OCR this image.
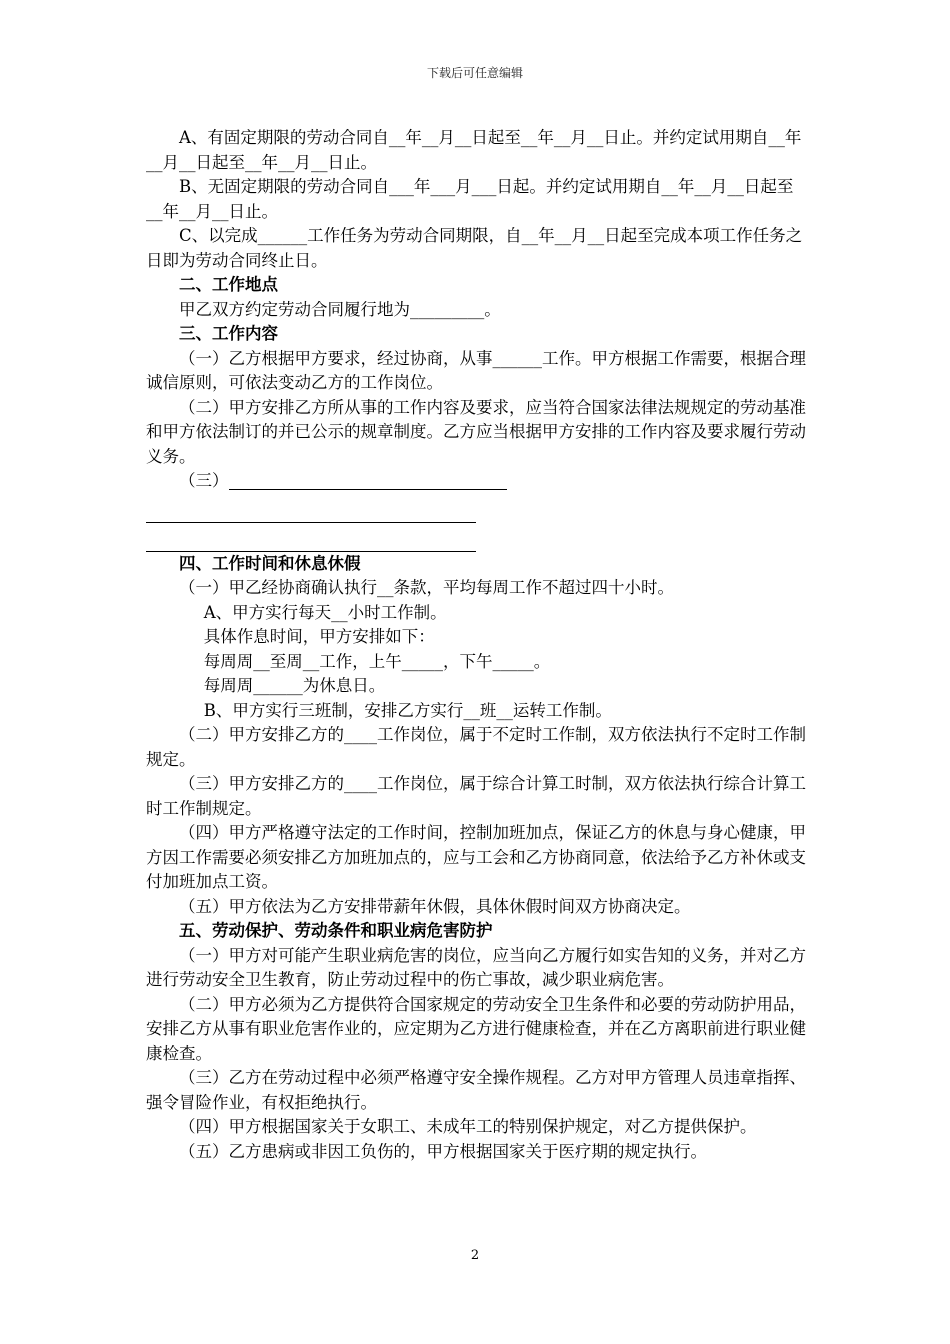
下载后可任意编辑

A、有固定期限的劳动合同自__年__月__日起至__年__月__日止。并约定试用期自__年__月__日起至__年__月__日止。

B、无固定期限的劳动合同自___年___月___日起。并约定试用期自__年__月__日起至__年__月__日止。

C、以完成______工作任务为劳动合同期限，自__年__月__日起至完成本项工作任务之日即为劳动合同终止日。

二、工作地点

甲乙双方约定劳动合同履行地为_________。

三、工作内容

（一）乙方根据甲方要求，经过协商，从事______工作。甲方根据工作需要，根据合理诚信原则，可依法变动乙方的工作岗位。

（二）甲方安排乙方所从事的工作内容及要求，应当符合国家法律法规规定的劳动基准和甲方依法制订的并已公示的规章制度。乙方应当根据甲方安排的工作内容及要求履行劳动义务。

（三）

四、工作时间和休息休假

（一）甲乙经协商确认执行__条款，平均每周工作不超过四十小时。

A、甲方实行每天__小时工作制。

具体作息时间，甲方安排如下：

每周周__至周__工作，上午_____，下午_____。

每周周______为休息日。

B、甲方实行三班制，安排乙方实行__班__运转工作制。

（二）甲方安排乙方的____工作岗位，属于不定时工作制，双方依法执行不定时工作制规定。

（三）甲方安排乙方的____工作岗位，属于综合计算工时制，双方依法执行综合计算工时工作制规定。

（四）甲方严格遵守法定的工作时间，控制加班加点，保证乙方的休息与身心健康，甲方因工作需要必须安排乙方加班加点的，应与工会和乙方协商同意，依法给予乙方补休或支付加班加点工资。

（五）甲方依法为乙方安排带薪年休假，具体休假时间双方协商决定。

五、劳动保护、劳动条件和职业病危害防护

（一）甲方对可能产生职业病危害的岗位，应当向乙方履行如实告知的义务，并对乙方进行劳动安全卫生教育，防止劳动过程中的伤亡事故，减少职业病危害。

（二）甲方必须为乙方提供符合国家规定的劳动安全卫生条件和必要的劳动防护用品，安排乙方从事有职业危害作业的，应定期为乙方进行健康检查，并在乙方离职前进行职业健康检查。

（三）乙方在劳动过程中必须严格遵守安全操作规程。乙方对甲方管理人员违章指挥、强令冒险作业，有权拒绝执行。

（四）甲方根据国家关于女职工、未成年工的特别保护规定，对乙方提供保护。

（五）乙方患病或非因工负伤的，甲方根据国家关于医疗期的规定执行。

2
